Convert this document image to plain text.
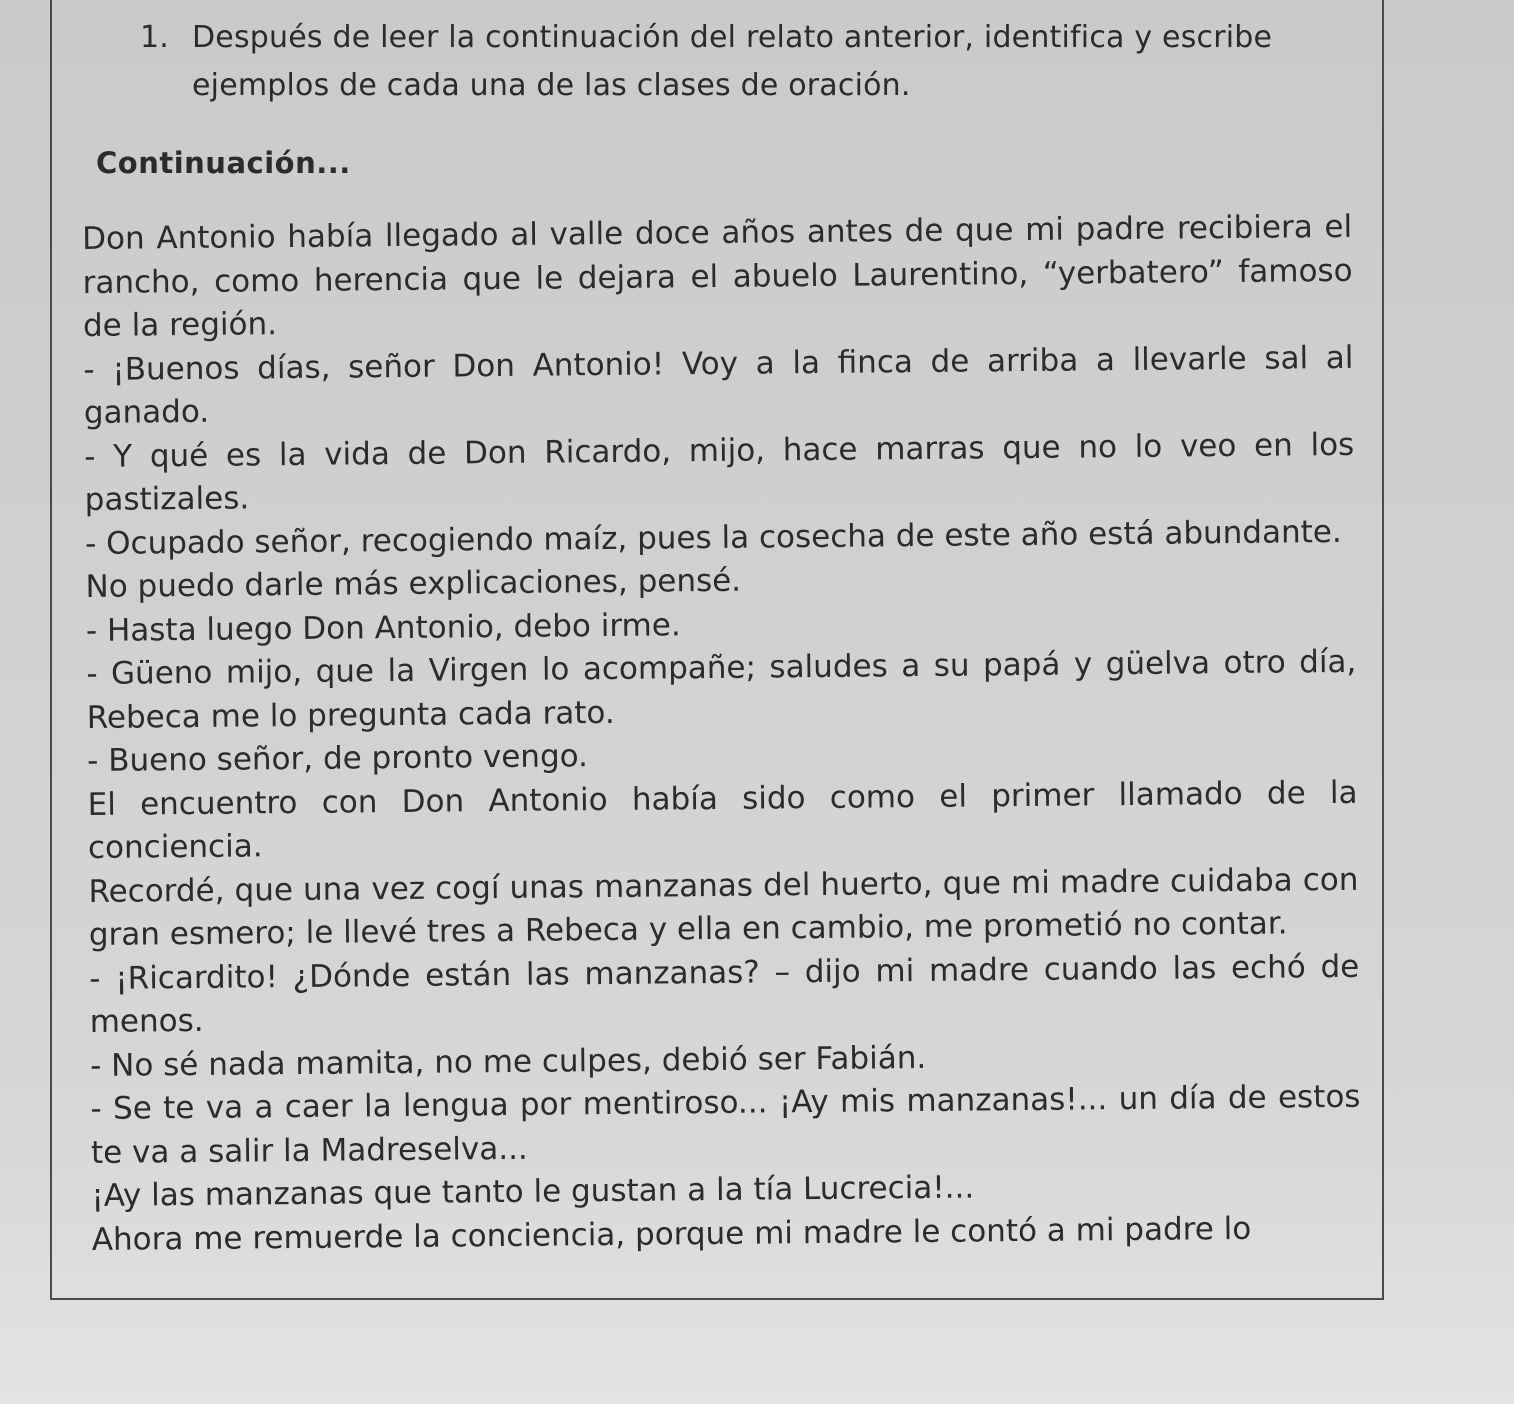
1. Después de leer la continuación del relato anterior, identifica y escribe
ejemplos de cada una de las clases de oración.
Continuación...

Don Antonio había llegado al valle doce años antes de que mi padre recibiera el rancho, como herencia que le dejara el abuelo Laurentino, “yerbatero” famoso de la región.

- ¡Buenos días, señor Don Antonio! Voy a la finca de arriba a llevarle sal al ganado.

- Y qué es la vida de Don Ricardo, mijo, hace marras que no lo veo en los pastizales.

- Ocupado señor, recogiendo maíz, pues la cosecha de este año está abundante.

No puedo darle más explicaciones, pensé.

- Hasta luego Don Antonio, debo irme.

- Güeno mijo, que la Virgen lo acompañe; saludes a su papá y güelva otro día, Rebeca me lo pregunta cada rato.

- Bueno señor, de pronto vengo.

El encuentro con Don Antonio había sido como el primer llamado de la conciencia.

Recordé, que una vez cogí unas manzanas del huerto, que mi madre cuidaba con gran esmero; le llevé tres a Rebeca y ella en cambio, me prometió no contar.

- ¡Ricardito! ¿Dónde están las manzanas? – dijo mi madre cuando las echó de menos.

- No sé nada mamita, no me culpes, debió ser Fabián.

- Se te va a caer la lengua por mentiroso... ¡Ay mis manzanas!... un día de estos te va a salir la Madreselva...

¡Ay las manzanas que tanto le gustan a la tía Lucrecia!...

Ahora me remuerde la conciencia, porque mi madre le contó a mi padre lo
